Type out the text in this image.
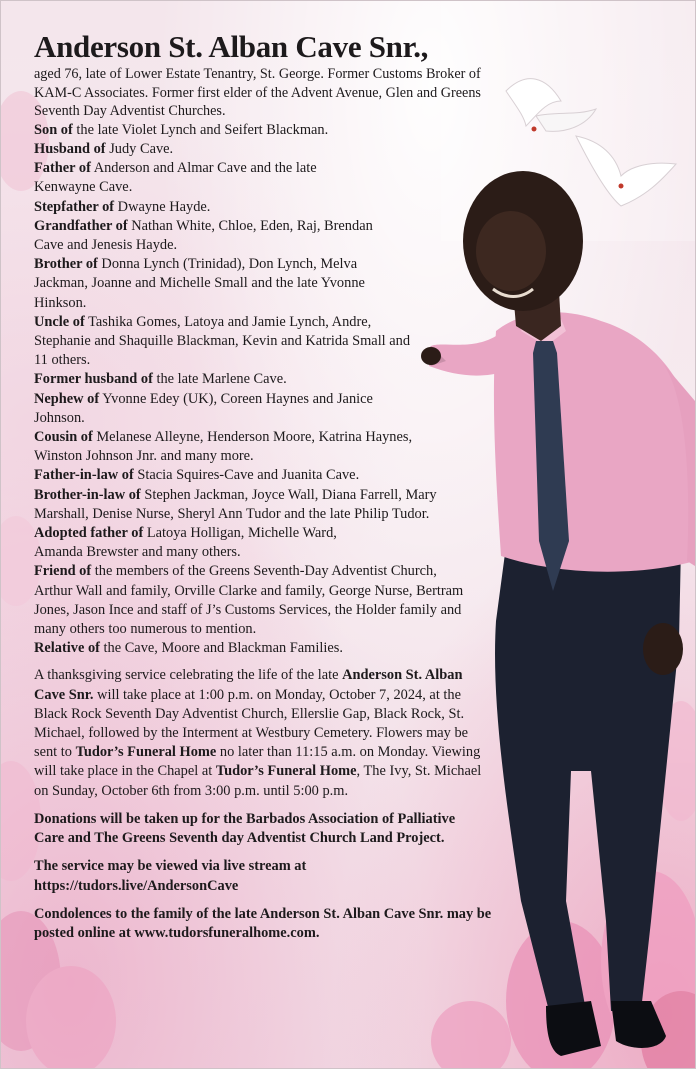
Anderson St. Alban Cave Snr.,

aged 76, late of Lower Estate Tenantry, St. George. Former Customs Broker of KAM-C Associates. Former first elder of the Advent Avenue, Glen and Greens Seventh Day Adventist Churches.

Son of the late Violet Lynch and Seifert Blackman.

Husband of Judy Cave.

Father of Anderson and Almar Cave and the late Kenwayne Cave.

Stepfather of Dwayne Hayde.

Grandfather of Nathan White, Chloe, Eden, Raj, Brendan Cave and Jenesis Hayde.

Brother of Donna Lynch (Trinidad), Don Lynch, Melva Jackman, Joanne and Michelle Small and the late Yvonne Hinkson.

Uncle of Tashika Gomes, Latoya and Jamie Lynch, Andre, Stephanie and Shaquille Blackman, Kevin and Katrida Small and 11 others.

Former husband of the late Marlene Cave.

Nephew of Yvonne Edey (UK), Coreen Haynes and Janice Johnson.

Cousin of Melanese Alleyne, Henderson Moore, Katrina Haynes, Winston Johnson Jnr. and many more.

Father-in-law of Stacia Squires-Cave and Juanita Cave.

Brother-in-law of Stephen Jackman, Joyce Wall, Diana Farrell, Mary Marshall, Denise Nurse, Sheryl Ann Tudor and the late Philip Tudor.

Adopted father of Latoya Holligan, Michelle Ward, Amanda Brewster and many others.

Friend of the members of the Greens Seventh-Day Adventist Church, Arthur Wall and family, Orville Clarke and family, George Nurse, Bertram Jones, Jason Ince and staff of J’s Customs Services, the Holder family and many others too numerous to mention.

Relative of the Cave, Moore and Blackman Families.

A thanksgiving service celebrating the life of the late Anderson St. Alban Cave Snr. will take place at 1:00 p.m. on Monday, October 7, 2024, at the Black Rock Seventh Day Adventist Church, Ellerslie Gap, Black Rock, St. Michael, followed by the Interment at Westbury Cemetery. Flowers may be sent to Tudor’s Funeral Home no later than 11:15 a.m. on Monday. Viewing will take place in the Chapel at Tudor’s Funeral Home, The Ivy, St. Michael on Sunday, October 6th from 3:00 p.m. until 5:00 p.m.

Donations will be taken up for the Barbados Association of Palliative Care and The Greens Seventh day Adventist Church Land Project.

The service may be viewed via live stream at https://tudors.live/AndersonCave

Condolences to the family of the late Anderson St. Alban Cave Snr. may be posted online at www.tudorsfuneralhome.com.
